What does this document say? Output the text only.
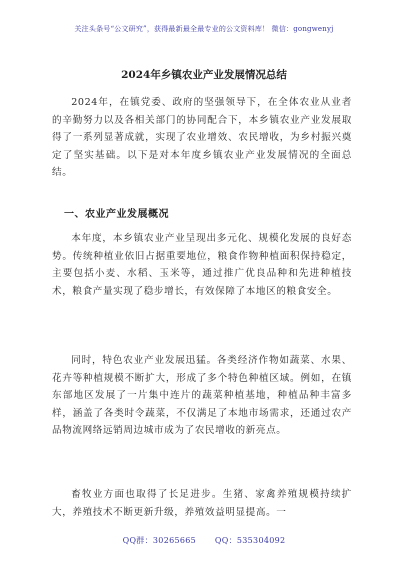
关注头条号“公文研究”，获得最新最全最专业的公文资料库！ 微信：gongwenyj
2024年乡镇农业产业发展情况总结

2024年，在镇党委、政府的坚强领导下，在全体农业从业者的辛勤努力以及各相关部门的协同配合下，本乡镇农业产业发展取得了一系列显著成就，实现了农业增效、农民增收，为乡村振兴奠定了坚实基础。以下是对本年度乡镇农业产业发展情况的全面总结。

一、农业产业发展概况

本年度，本乡镇农业产业呈现出多元化、规模化发展的良好态势。传统种植业依旧占据重要地位，粮食作物种植面积保持稳定，主要包括小麦、水稻、玉米等，通过推广优良品种和先进种植技术，粮食产量实现了稳步增长，有效保障了本地区的粮食安全。

同时，特色农业产业发展迅猛。各类经济作物如蔬菜、水果、花卉等种植规模不断扩大，形成了多个特色种植区域。例如，在镇东部地区发展了一片集中连片的蔬菜种植基地，种植品种丰富多样，涵盖了各类时令蔬菜，不仅满足了本地市场需求，还通过农产品物流网络远销周边城市成为了农民增收的新亮点。

畜牧业方面也取得了长足进步。生猪、家禽养殖规模持续扩大，养殖技术不断更新升级，养殖效益明显提高。一

QQ群：30265665 QQ：535304092
